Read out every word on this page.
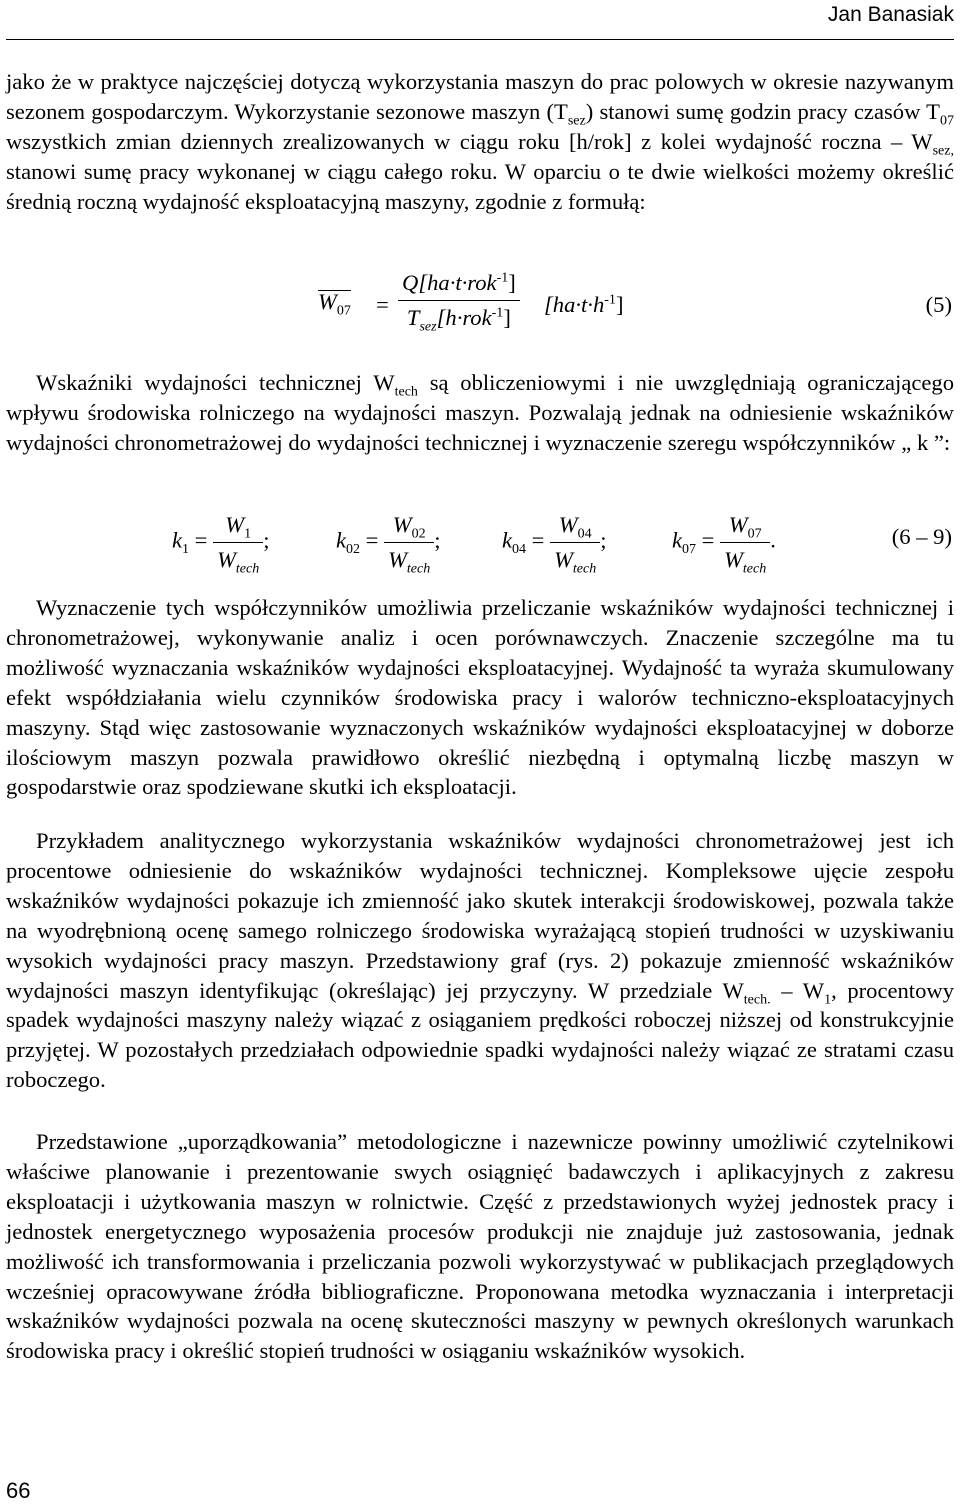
Jan Banasiak

jako że w praktyce najczęściej dotyczą wykorzystania maszyn do prac polowych w okresie nazywanym sezonem gospodarczym. Wykorzystanie sezonowe maszyn $(T_{sez})$ stanowi sumę godzin pracy czasów $T_{07}$ wszystkich zmian dziennych zrealizowanych w ciągu roku [h/rok] z kolei wydajność roczna – $W_{sez,}$ stanowi sumę pracy wykonanej w ciągu całego roku. W oparciu o te dwie wielkości możemy określić średnią roczną wydajność eksploatacyjną maszyny, zgodnie z formułą:

$W_{07} = \frac{Q[ha\cdot t\cdot rok^{-1}]}{T_{sez}[h\cdot rok^{-1}]} [ha\cdot t\cdot h^{-1}]$	(5)

Wskaźniki wydajności technicznej $W_{tech}$ są obliczeniowymi i nie uwzględniają ograniczającego wpływu środowiska rolniczego na wydajności maszyn. Pozwalają jednak na odniesienie wskaźników wydajności chronometrażowej do wydajności technicznej i wyznaczenie szeregu współczynników „ k ”:

$k_1 = \frac{W_1}{W_{tech}}$ ;	$k_{02} = \frac{W_{02}}{W_{tech}}$ ;	$k_{04} = \frac{W_{04}}{W_{tech}}$ ;	$k_{07} = \frac{W_{07}}{W_{tech}}$ .	(6 – 9)

Wyznaczenie tych współczynników umożliwia przeliczanie wskaźników wydajności technicznej i chronometrażowej, wykonywanie analiz i ocen porównawczych. Znaczenie szczególne ma tu możliwość wyznaczania wskaźników wydajności eksploatacyjnej. Wydajność ta wyraża skumulowany efekt współdziałania wielu czynników środowiska pracy i walorów techniczno-eksploatacyjnych maszyny. Stąd więc zastosowanie wyznaczonych wskaźników wydajności eksploatacyjnej w doborze ilościowym maszyn pozwala prawidłowo określić niezbędną i optymalną liczbę maszyn w gospodarstwie oraz spodziewane skutki ich eksploatacji.

Przykładem analitycznego wykorzystania wskaźników wydajności chronometrażowej jest ich procentowe odniesienie do wskaźników wydajności technicznej. Kompleksowe ujęcie zespołu wskaźników wydajności pokazuje ich zmienność jako skutek interakcji środowiskowej, pozwala także na wyodrębnioną ocenę samego rolniczego środowiska wyrażającą stopień trudności w uzyskiwaniu wysokich wydajności pracy maszyn. Przedstawiony graf (rys. 2) pokazuje zmienność wskaźników wydajności maszyn identyfikując (określając) jej przyczyny. W przedziale $W_{tech.} - W_1$, procentowy spadek wydajności maszyny należy wiązać z osiąganiem prędkości roboczej niższej od konstrukcyjnie przyjętej. W pozostałych przedziałach odpowiednie spadki wydajności należy wiązać ze stratami czasu roboczego.

Przedstawione „uporządkowania” metodologiczne i nazewnicze powinny umożliwić czytelnikowi właściwe planowanie i prezentowanie swych osiągnięć badawczych i aplikacyjnych z zakresu eksploatacji i użytkowania maszyn w rolnictwie. Część z przedstawionych wyżej jednostek pracy i jednostek energetycznego wyposażenia procesów produkcji nie znajduje już zastosowania, jednak możliwość ich transformowania i przeliczania pozwoli wykorzystywać w publikacjach przeglądowych wcześniej opracowywane źródła bibliograficzne. Proponowana metodka wyznaczania i interpretacji wskaźników wydajności pozwala na ocenę skuteczności maszyny w pewnych określonych warunkach środowiska pracy i określić stopień trudności w osiąganiu wskaźników wysokich.

66
